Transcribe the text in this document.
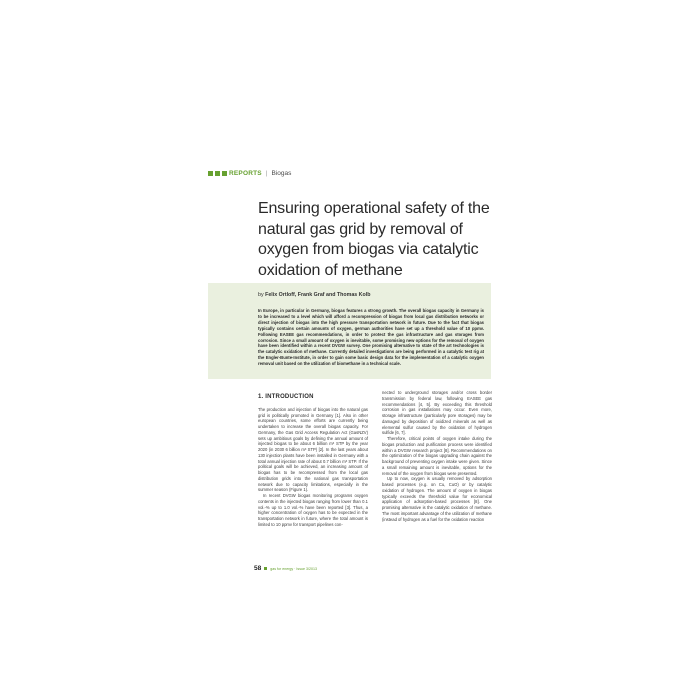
REPORTS | Biogas
Ensuring operational safety of the natural gas grid by removal of oxygen from biogas via catalytic oxidation of methane

by Felix Ortloff, Frank Graf and Thomas Kolb

In Europe, in particular in Germany, biogas features a strong growth. The overall biogas capacity in Germany is to be increased to a level which will afford a recompression of biogas from local gas distribution networks or direct injection of biogas into the high pressure transportation network in future. Due to the fact that biogas typically contains certain amounts of oxygen, german authorities have set up a threshold value of 10 ppmv. Following EASEE gas recommendations, in order to protect the gas infrastructure and gas storages from corrosion. Since a small amount of oxygen is inevitable, some promising new options for the removal of oxygen have been identified within a recent DVGW survey. One promising alternative to state of the art technologies is the catalytic oxidation of methane. Currently detailed investigations are being performed in a catalytic test rig at the Engler-Bunte-Institute, in order to gain some basic design data for the implementation of a catalytic oxygen removal unit based on the utilization of biomethane in a technical scale.

1. INTRODUCTION

The production and injection of biogas into the natural gas grid is politically promoted in Germany [1]. Also in other european countries, some efforts are currently being undertaken to increase the overall biogas capacity. For Germany, the Gas Grid Access Regulation Act (GasNZV) sets up ambitious goals by defining the annual amount of injected biogas to be about 6 billion m³ STP by the year 2020 (in 2030 6 billion m³ STP) [2]. In the last years about 130 injection plants have been installed in Germany with a total annual injection rate of about 0.7 billion m³ STP. If the political goals will be achieved, an increasing amount of biogas has to be recompressed from the local gas distribution grids into the national gas transportation network due to capacity limitations, especially in the summer season (Figure 1).

In recent DVGW biogas monitoring programs oxygen contents in the injected biogas ranging from lower than 0.1 vol.-% up to 1.0 vol.-% have been reported [3]. Thus, a higher concentration of oxygen has to be expected in the transportation network in future, where the total amount is limited to 10 ppmv for transport pipelines con-

nected to underground storages and/or cross border transmission by federal law, following EASEE gas recommendations [4, 5]. By exceeding this threshold corrosion in gas installations may occur. Even more, storage infrastructure (particularly pore storages) may be damaged by deposition of oxidized minerals as well as elemental sulfur caused by the oxidation of hydrogen sulfide [6, 7].

Therefore, critical points of oxygen intake during the biogas production and purification process were identified within a DVGW research project [8]. Recommendations on the optimization of the biogas upgrading chain against the background of preventing oxygen intake were given. Since a small remaining amount is inevitable, options for the removal of the oxygen from biogas were presented.

Up to now, oxygen is usually removed by adsorption based processes (e.g. on Cu, CuO) or by catalytic oxidation of hydrogen. The amount of oxygen in biogas typically exceeds the threshold value for economical application of adsorption-based processes [8]. One promising alternative is the catalytic oxidation of methane. The most important advantage of the utilization of methane (instead of hydrogen as a fuel for the oxidation reaction

58	gas for energy · Issue 3/2013
